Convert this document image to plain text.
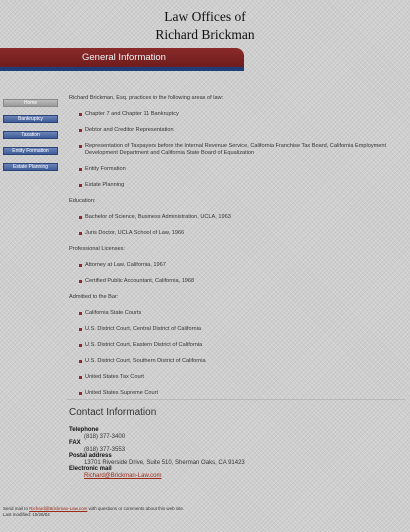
Law Offices of
Richard Brickman
General Information
Home
Bankruptcy
Taxation
Entity Formation
Estate Planning
Richard Brickman, Esq. practices in the following areas of law:
Chapter 7 and Chapter 11 Bankruptcy
Debtor and Creditor Representation
Representation of Taxpayers before the Internal Revenue Service, California Franchise Tax Board, California Employment Development Department and California State Board of Equalization
Entity Formation
Estate Planning
Education:
Bachelor of Science, Business Administration, UCLA, 1963
Juris Doctor, UCLA School of Law, 1966
Professional Licenses:
Attorney at Law, California, 1967
Certified Public Accountant, California, 1968
Admitted to the Bar:
California State Courts
U.S. District Court, Central District of California
U.S. District Court, Eastern District of California
U.S. District Court, Southern District of California
United States Tax Court
United States Supreme Court
Contact Information
Telephone
(818) 377-3400
FAX
(818) 377-3553
Postal address
13701 Riverside Drive, Suite 510, Sherman Oaks, CA 91423
Electronic mail
Richard@Brickman-Law.com
Send mail to Richard@Brickman-Law.com with questions or comments about this web site.
Last modified: 10/26/04
